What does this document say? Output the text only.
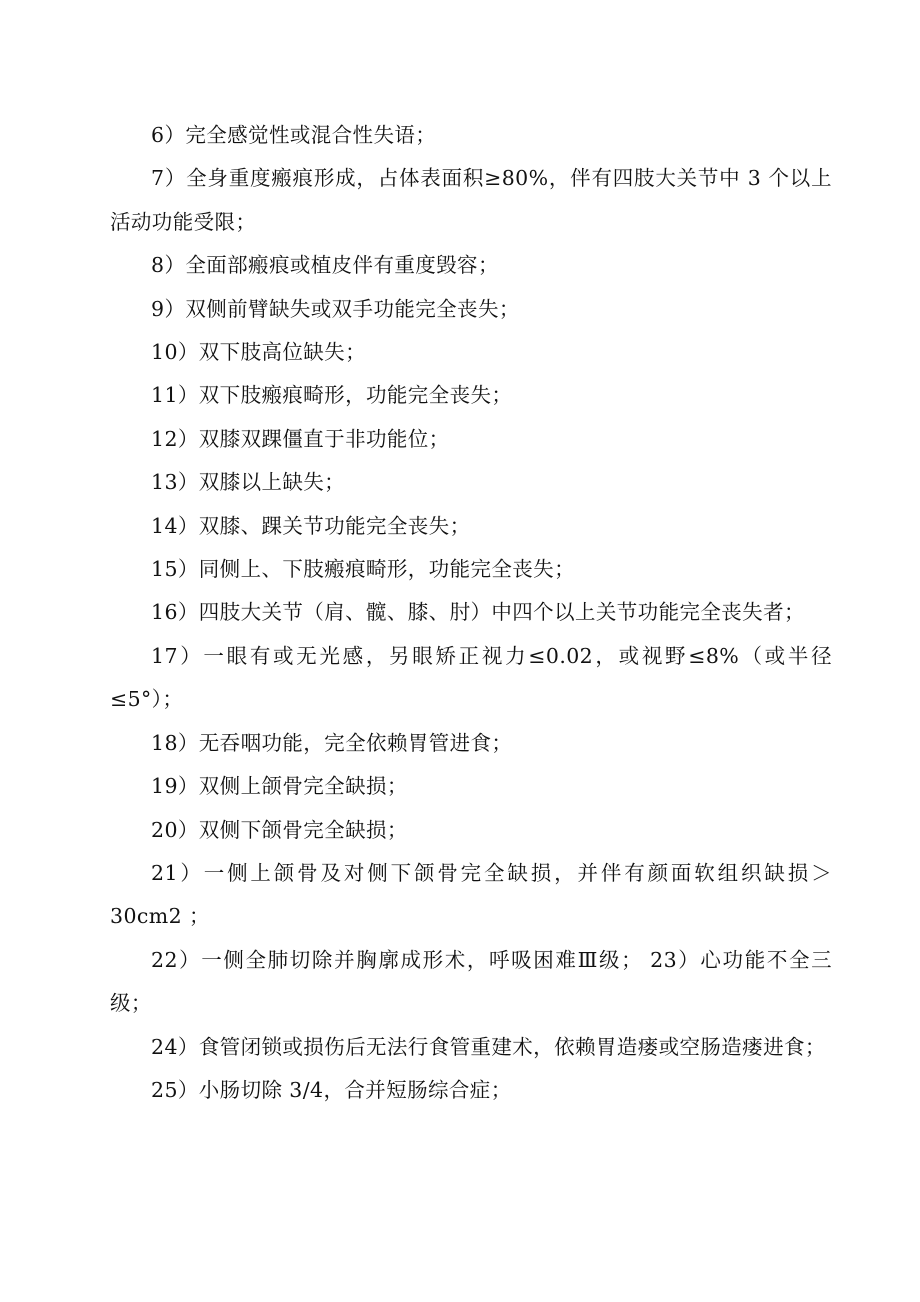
6）完全感觉性或混合性失语；

7）全身重度瘢痕形成，占体表面积≥80%，伴有四肢大关节中 3 个以上活动功能受限；

8）全面部瘢痕或植皮伴有重度毁容；

9）双侧前臂缺失或双手功能完全丧失；

10）双下肢高位缺失；

11）双下肢瘢痕畸形，功能完全丧失；

12）双膝双踝僵直于非功能位；

13）双膝以上缺失；

14）双膝、踝关节功能完全丧失；

15）同侧上、下肢瘢痕畸形，功能完全丧失；

16）四肢大关节（肩、髋、膝、肘）中四个以上关节功能完全丧失者；

17）一眼有或无光感，另眼矫正视力≤0.02，或视野≤8%（或半径≤5°）；

18）无吞咽功能，完全依赖胃管进食；

19）双侧上颌骨完全缺损；

20）双侧下颌骨完全缺损；

21）一侧上颌骨及对侧下颌骨完全缺损，并伴有颜面软组织缺损＞30cm2 ；

22）一侧全肺切除并胸廓成形术，呼吸困难Ⅲ级； 23）心功能不全三级；

24）食管闭锁或损伤后无法行食管重建术，依赖胃造瘘或空肠造瘘进食；

25）小肠切除 3/4，合并短肠综合症；
